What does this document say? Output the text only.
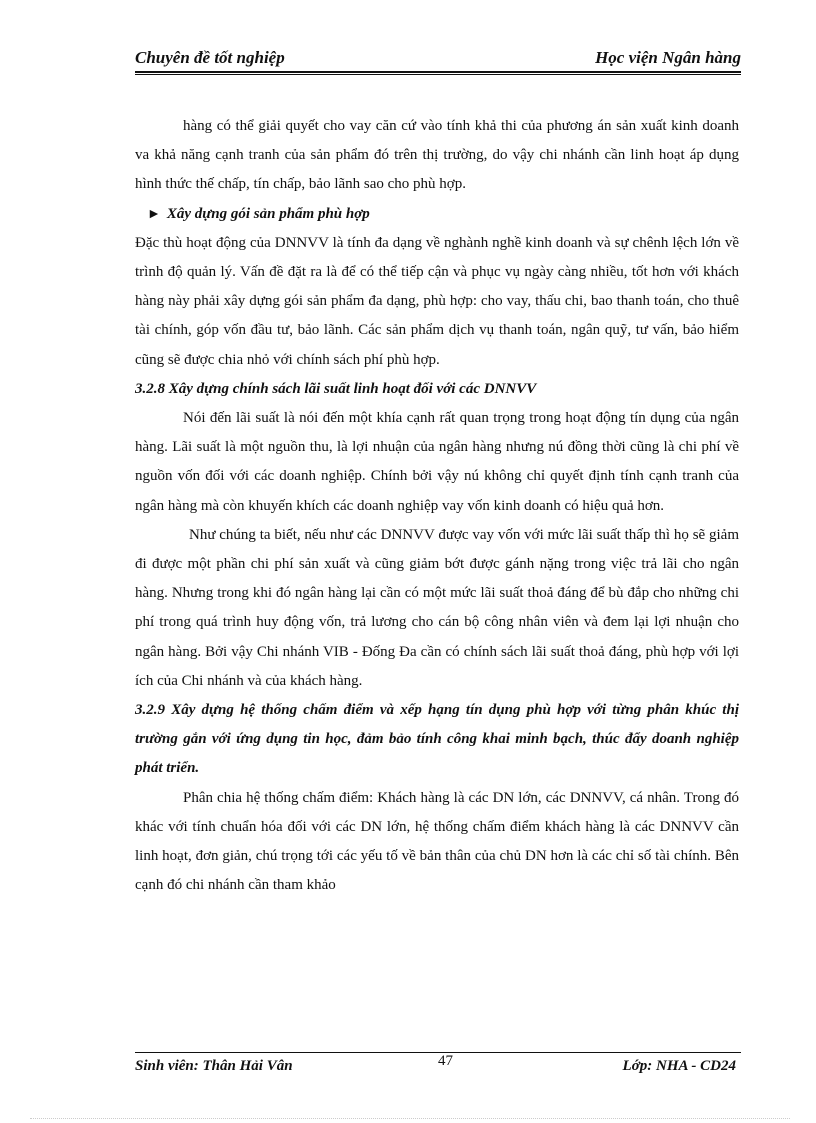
Chuyên đề tốt nghiệp	Học viện Ngân hàng

hàng có thể giải quyết cho vay căn cứ vào tính khả thi của phương án sản xuất kinh doanh va khả năng cạnh tranh của sản phẩm đó trên thị trường, do vậy chi nhánh cần linh hoạt áp dụng hình thức thế chấp, tín chấp, bảo lãnh sao cho phù hợp.

► Xây dựng gói sản phẩm phù hợp

Đặc thù hoạt động của DNNVV là tính đa dạng về nghành nghề kinh doanh và sự chênh lệch lớn về trình độ quản lý. Vấn đề đặt ra là để có thể tiếp cận và phục vụ ngày càng nhiều, tốt hơn với khách hàng này phải xây dựng gói sản phẩm đa dạng, phù hợp: cho vay, thấu chi, bao thanh toán, cho thuê tài chính, góp vốn đầu tư, bảo lãnh. Các sản phẩm dịch vụ thanh toán, ngân quỹ, tư vấn, bảo hiểm cũng sẽ được chia nhỏ với chính sách phí phù hợp.

3.2.8 Xây dựng chính sách lãi suất linh hoạt đối với các DNNVV

Nói đến lãi suất là nói đến một khía cạnh rất quan trọng trong hoạt động tín dụng của ngân hàng. Lãi suất là một nguồn thu, là lợi nhuận của ngân hàng nhưng nú đồng thời cũng là chi phí về nguồn vốn đối với các doanh nghiệp. Chính bởi vậy nú không chỉ quyết định tính cạnh tranh của ngân hàng mà còn khuyến khích các doanh nghiệp vay vốn kinh doanh có hiệu quả hơn.

Như chúng ta biết, nếu như các DNNVV được vay vốn với mức lãi suất thấp thì họ sẽ giảm đi được một phần chi phí sản xuất và cũng giảm bớt được gánh nặng trong việc trả lãi cho ngân hàng. Nhưng trong khi đó ngân hàng lại cần có một mức lãi suất thoả đáng để bù đắp cho những chi phí trong quá trình huy động vốn, trả lương cho cán bộ công nhân viên và đem lại lợi nhuận cho ngân hàng. Bởi vậy Chi nhánh VIB - Đống Đa cần có chính sách lãi suất thoả đáng, phù hợp với lợi ích của Chi nhánh và của khách hàng.

3.2.9 Xây dựng hệ thống chấm điểm và xếp hạng tín dụng phù hợp với từng phân khúc thị trường gắn với ứng dụng tin học, đảm bảo tính công khai minh bạch, thúc đẩy doanh nghiệp phát triển.

Phân chia hệ thống chấm điểm: Khách hàng là các DN lớn, các DNNVV, cá nhân. Trong đó khác với tính chuẩn hóa đối với các DN lớn, hệ thống chấm điểm khách hàng là các DNNVV cần linh hoạt, đơn giản, chú trọng tới các yếu tố về bản thân của chủ DN hơn là các chỉ số tài chính. Bên cạnh đó chi nhánh cần tham khảo

Sinh viên: Thân Hải Vân	47	Lớp: NHA - CD24
